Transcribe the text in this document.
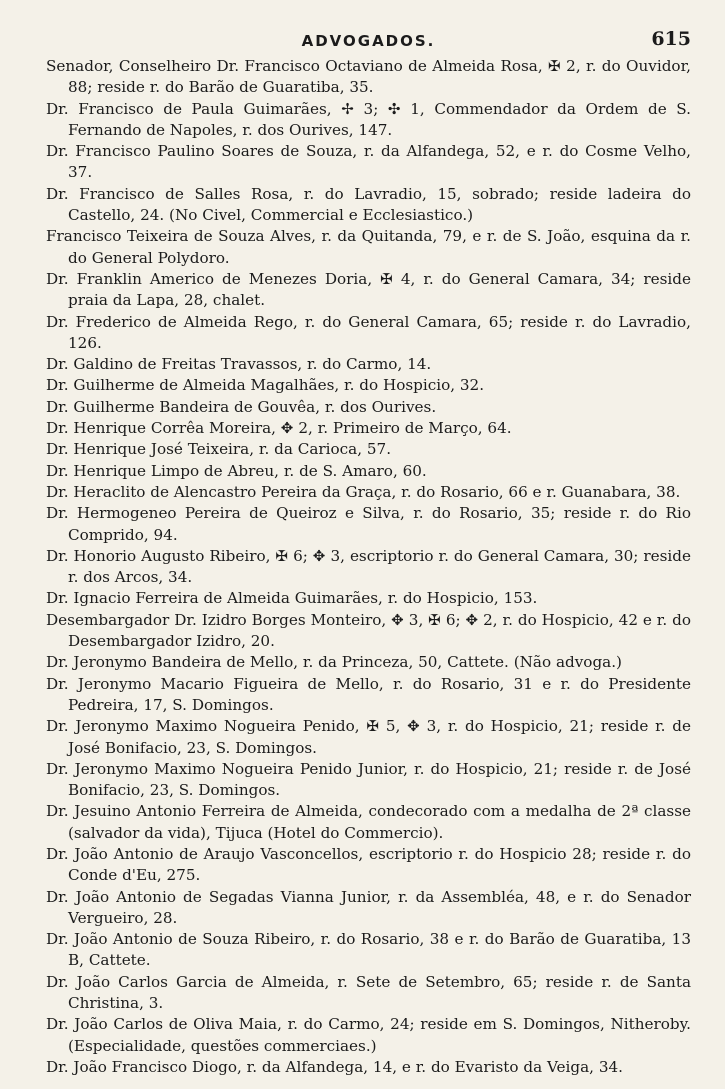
ADVOGADOS.	615

Senador, Conselheiro Dr. Francisco Octaviano de Almeida Rosa, ✠ 2, r. do Ouvidor, 88; reside r. do Barão de Guaratiba, 35.

Dr. Francisco de Paula Guimarães, ✢ 3; ✣ 1, Commendador da Ordem de S. Fernando de Napoles, r. dos Ourives, 147.

Dr. Francisco Paulino Soares de Souza, r. da Alfandega, 52, e r. do Cosme Velho, 37.

Dr. Francisco de Salles Rosa, r. do Lavradio, 15, sobrado; reside ladeira do Castello, 24. (No Civel, Commercial e Ecclesiastico.)

Francisco Teixeira de Souza Alves, r. da Quitanda, 79, e r. de S. João, esquina da r. do General Polydoro.

Dr. Franklin Americo de Menezes Doria, ✠ 4, r. do General Camara, 34; reside praia da Lapa, 28, chalet.

Dr. Frederico de Almeida Rego, r. do General Camara, 65; reside r. do Lavradio, 126.

Dr. Galdino de Freitas Travassos, r. do Carmo, 14.

Dr. Guilherme de Almeida Magalhães, r. do Hospicio, 32.

Dr. Guilherme Bandeira de Gouvêa, r. dos Ourives.

Dr. Henrique Corrêa Moreira, ✥ 2, r. Primeiro de Março, 64.

Dr. Henrique José Teixeira, r. da Carioca, 57.

Dr. Henrique Limpo de Abreu, r. de S. Amaro, 60.

Dr. Heraclito de Alencastro Pereira da Graça, r. do Rosario, 66 e r. Guanabara, 38.

Dr. Hermogeneo Pereira de Queiroz e Silva, r. do Rosario, 35; reside r. do Rio Comprido, 94.

Dr. Honorio Augusto Ribeiro, ✠ 6; ✥ 3, escriptorio r. do General Camara, 30; reside r. dos Arcos, 34.

Dr. Ignacio Ferreira de Almeida Guimarães, r. do Hospicio, 153.

Desembargador Dr. Izidro Borges Monteiro, ✥ 3, ✠ 6; ✥ 2, r. do Hospicio, 42 e r. do Desembargador Izidro, 20.

Dr. Jeronymo Bandeira de Mello, r. da Princeza, 50, Cattete. (Não advoga.)

Dr. Jeronymo Macario Figueira de Mello, r. do Rosario, 31 e r. do Presidente Pedreira, 17, S. Domingos.

Dr. Jeronymo Maximo Nogueira Penido, ✠ 5, ✥ 3, r. do Hospicio, 21; reside r. de José Bonifacio, 23, S. Domingos.

Dr. Jeronymo Maximo Nogueira Penido Junior, r. do Hospicio, 21; reside r. de José Bonifacio, 23, S. Domingos.

Dr. Jesuino Antonio Ferreira de Almeida, condecorado com a medalha de 2ª classe (salvador da vida), Tijuca (Hotel do Commercio).

Dr. João Antonio de Araujo Vasconcellos, escriptorio r. do Hospicio 28; reside r. do Conde d'Eu, 275.

Dr. João Antonio de Segadas Vianna Junior, r. da Assembléa, 48, e r. do Senador Vergueiro, 28.

Dr. João Antonio de Souza Ribeiro, r. do Rosario, 38 e r. do Barão de Guaratiba, 13 B, Cattete.

Dr. João Carlos Garcia de Almeida, r. Sete de Setembro, 65; reside r. de Santa Christina, 3.

Dr. João Carlos de Oliva Maia, r. do Carmo, 24; reside em S. Domingos, Nitheroby. (Especialidade, questões commerciaes.)

Dr. João Francisco Diogo, r. da Alfandega, 14, e r. do Evaristo da Veiga, 34.
